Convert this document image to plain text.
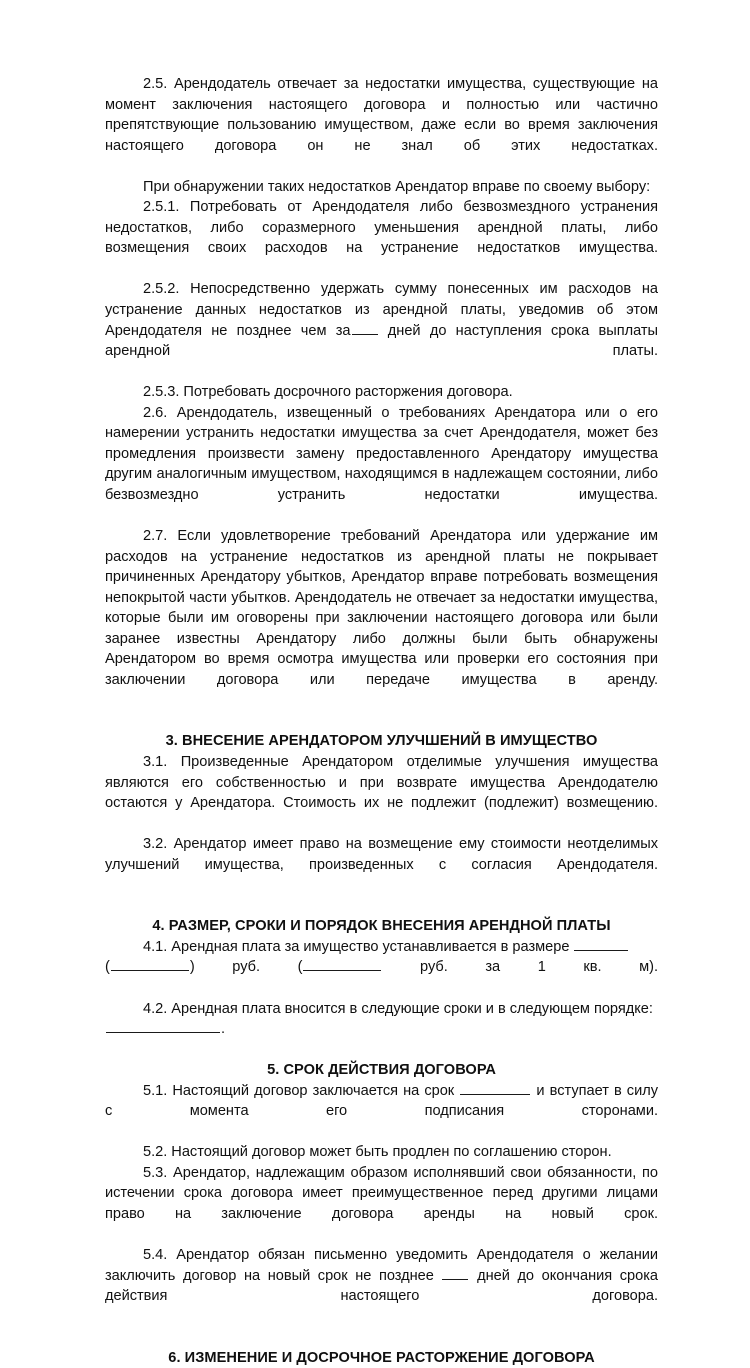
2.5. Арендодатель отвечает за недостатки имущества, существующие на момент заключения настоящего договора и полностью или частично препятствующие пользованию имуществом, даже если во время заключения настоящего договора он не знал об этих недостатках.

При обнаружении таких недостатков Арендатор вправе по своему выбору:

2.5.1. Потребовать от Арендодателя либо безвозмездного устранения недостатков, либо соразмерного уменьшения арендной платы, либо возмещения своих расходов на устранение недостатков имущества.

2.5.2. Непосредственно удержать сумму понесенных им расходов на устранение данных недостатков из арендной платы, уведомив об этом Арендодателя не позднее чем за	дней до наступления срока выплаты арендной платы.

2.5.3. Потребовать досрочного расторжения договора.

2.6. Арендодатель, извещенный о требованиях Арендатора или о его намерении устранить недостатки имущества за счет Арендодателя, может без промедления произвести замену предоставленного Арендатору имущества другим аналогичным имуществом, находящимся в надлежащем состоянии, либо безвозмездно устранить недостатки имущества.

2.7. Если удовлетворение требований Арендатора или удержание им расходов на устранение недостатков из арендной платы не покрывает причиненных Арендатору убытков, Арендатор вправе потребовать возмещения непокрытой части убытков. Арендодатель не отвечает за недостатки имущества, которые были им оговорены при заключении настоящего договора или были заранее известны Арендатору либо должны были быть обнаружены Арендатором во время осмотра имущества или проверки его состояния при заключении договора или передаче имущества в аренду.

3. ВНЕСЕНИЕ АРЕНДАТОРОМ УЛУЧШЕНИЙ В ИМУЩЕСТВО

3.1. Произведенные Арендатором отделимые улучшения имущества являются его собственностью и при возврате имущества Арендодателю остаются у Арендатора. Стоимость их не подлежит (подлежит) возмещению.

3.2. Арендатор имеет право на возмещение ему стоимости неотделимых улучшений имущества, произведенных с согласия Арендодателя.

4. РАЗМЕР, СРОКИ И ПОРЯДОК ВНЕСЕНИЯ АРЕНДНОЙ ПЛАТЫ

4.1. Арендная плата за имущество устанавливается в размере
(	) руб. (	руб. за 1 кв. м).

4.2. Арендная плата вносится в следующие сроки и в следующем порядке:
.

5. СРОК ДЕЙСТВИЯ ДОГОВОРА

5.1. Настоящий договор заключается на срок	и вступает в силу с момента его подписания сторонами.

5.2. Настоящий договор может быть продлен по соглашению сторон.

5.3. Арендатор, надлежащим образом исполнявший свои обязанности, по истечении срока договора имеет преимущественное перед другими лицами право на заключение договора аренды на новый срок.

5.4. Арендатор обязан письменно уведомить Арендодателя о желании заключить договор на новый срок не позднее	дней до окончания срока действия настоящего договора.

6. ИЗМЕНЕНИЕ И ДОСРОЧНОЕ РАСТОРЖЕНИЕ ДОГОВОРА
